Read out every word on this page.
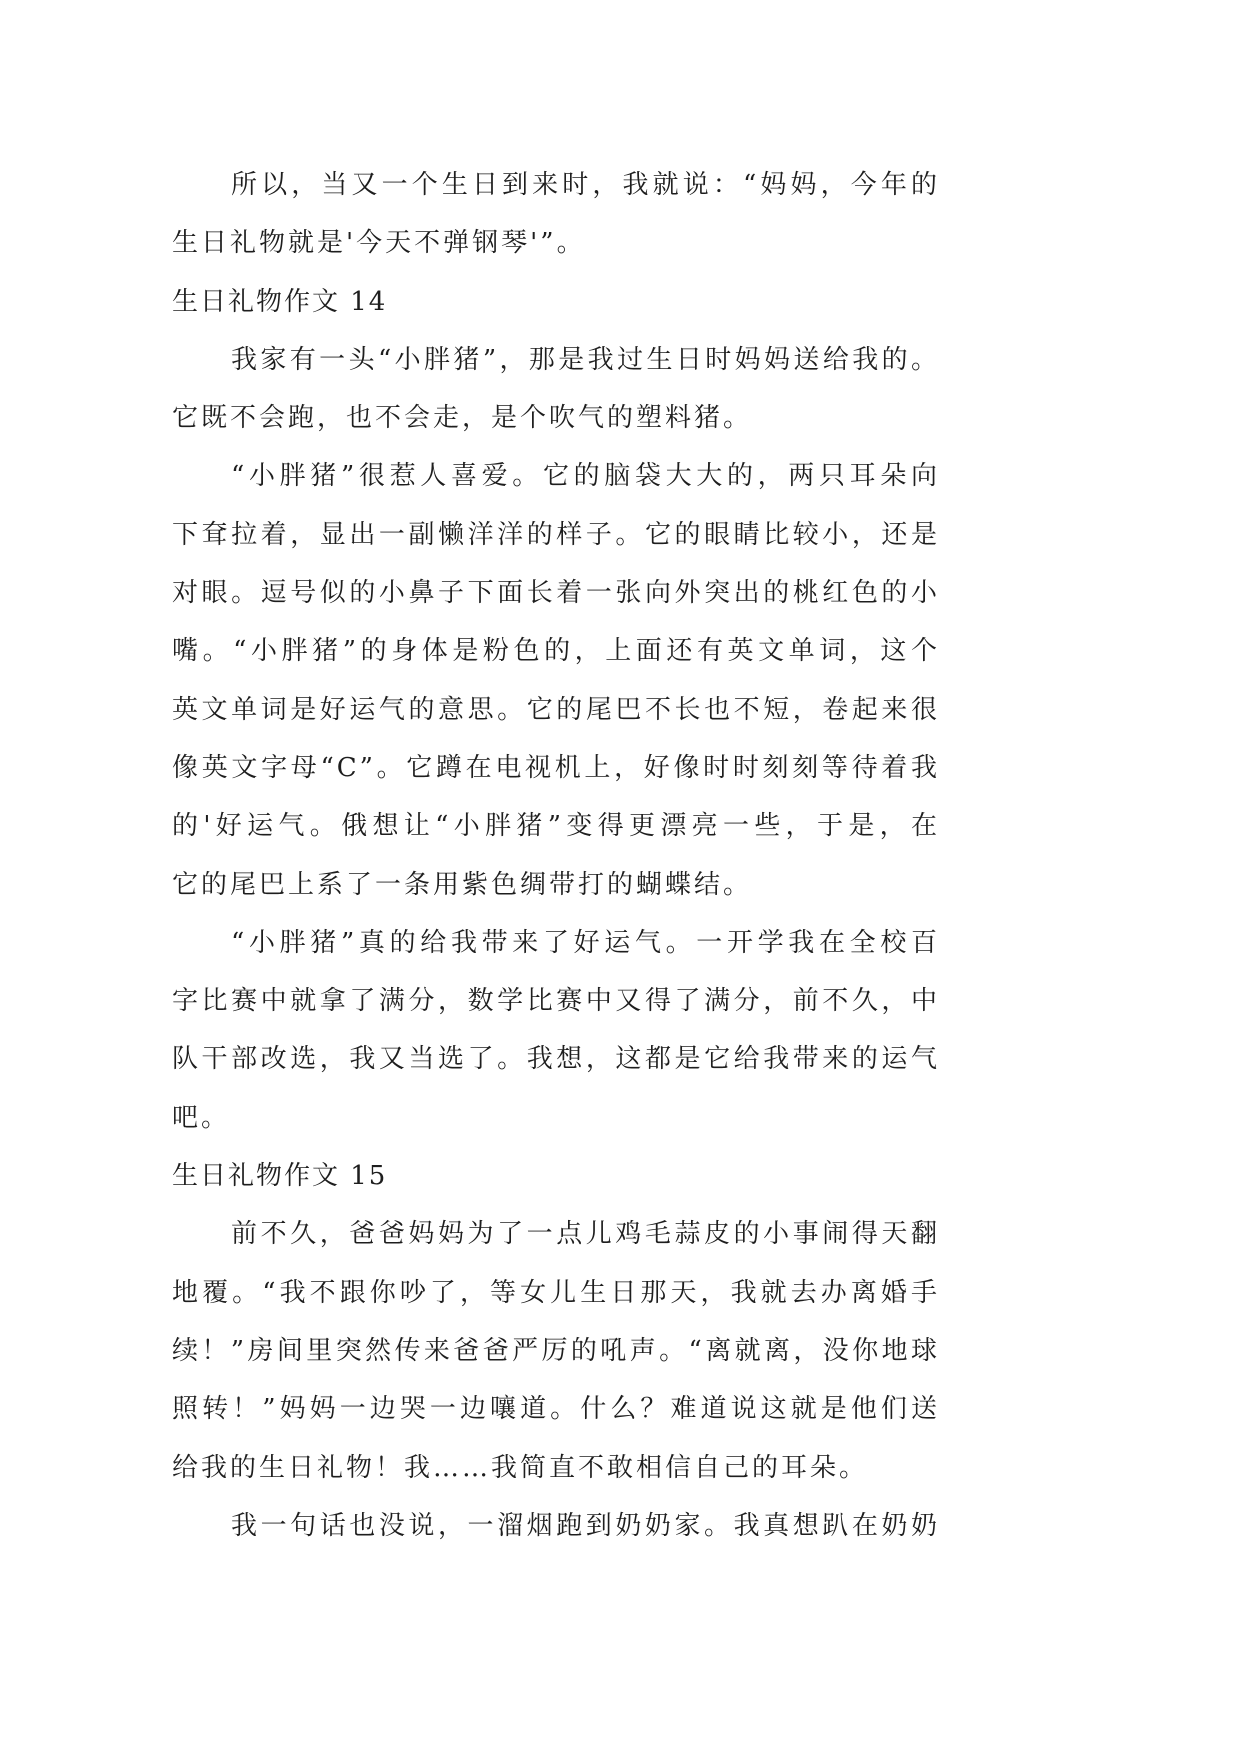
所以，当又一个生日到来时，我就说：“妈妈，今年的
生日礼物就是'今天不弹钢琴'”。
生日礼物作文 14
我家有一头“小胖猪”，那是我过生日时妈妈送给我的。
它既不会跑，也不会走，是个吹气的塑料猪。
“小胖猪”很惹人喜爱。它的脑袋大大的，两只耳朵向
下耷拉着，显出一副懒洋洋的样子。它的眼睛比较小，还是
对眼。逗号似的小鼻子下面长着一张向外突出的桃红色的小
嘴。“小胖猪”的身体是粉色的，上面还有英文单词，这个
英文单词是好运气的意思。它的尾巴不长也不短，卷起来很
像英文字母“C”。它蹲在电视机上，好像时时刻刻等待着我
的'好运气。俄想让“小胖猪”变得更漂亮一些，于是，在
它的尾巴上系了一条用紫色绸带打的蝴蝶结。
“小胖猪”真的给我带来了好运气。一开学我在全校百
字比赛中就拿了满分，数学比赛中又得了满分，前不久，中
队干部改选，我又当选了。我想，这都是它给我带来的运气
吧。
生日礼物作文 15
前不久，爸爸妈妈为了一点儿鸡毛蒜皮的小事闹得天翻
地覆。“我不跟你吵了，等女儿生日那天，我就去办离婚手
续！”房间里突然传来爸爸严厉的吼声。“离就离，没你地球
照转！”妈妈一边哭一边嚷道。什么？难道说这就是他们送
给我的生日礼物！我……我简直不敢相信自己的耳朵。
我一句话也没说，一溜烟跑到奶奶家。我真想趴在奶奶
